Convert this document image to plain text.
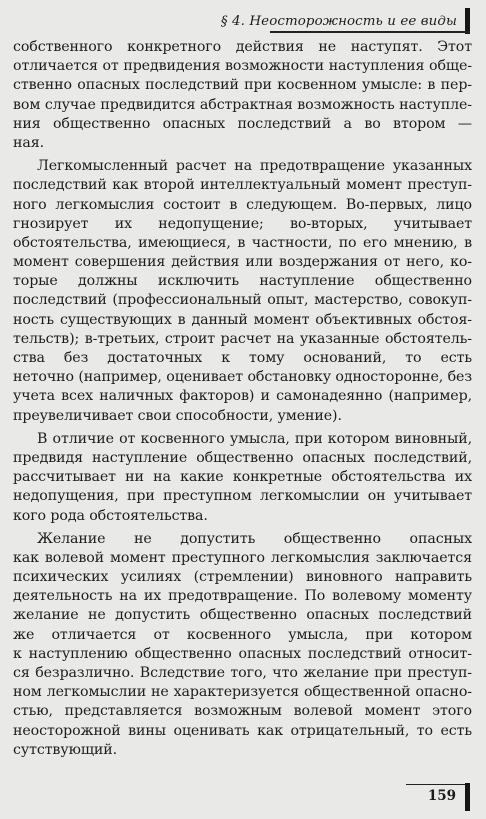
§ 4. Неосторожность и ее виды
собственного конкретного действия не наступят. Этот
отличается от предвидения возможности наступления обще-
ственно опасных последствий при косвенном умысле: в пер-
вом случае предвидится абстрактная возможность наступле-
ния общественно опасных последствий а во втором —
ная.
Легкомысленный расчет на предотвращение указанных
последствий как второй интеллектуальный момент преступ-
ного легкомыслия состоит в следующем. Во-первых, лицо
гнозирует их недопущение; во-вторых, учитывает
обстоятельства, имеющиеся, в частности, по его мнению, в
момент совершения действия или воздержания от него, ко-
торые должны исключить наступление общественно
последствий (профессиональный опыт, мастерство, совокуп-
ность существующих в данный момент объективных обстоя-
тельств); в-третьих, строит расчет на указанные обстоятель-
ства без достаточных к тому оснований, то есть
неточно (например, оценивает обстановку односторонне, без
учета всех наличных факторов) и самонадеянно (например,
преувеличивает свои способности, умение).
В отличие от косвенного умысла, при котором виновный,
предвидя наступление общественно опасных последствий,
рассчитывает ни на какие конкретные обстоятельства их
недопущения, при преступном легкомыслии он учитывает
кого рода обстоятельства.
Желание не допустить общественно опасных
как волевой момент преступного легкомыслия заключается
психических усилиях (стремлении) виновного направить
деятельность на их предотвращение. По волевому моменту
желание не допустить общественно опасных последствий
же отличается от косвенного умысла, при котором
к наступлению общественно опасных последствий относит-
ся безразлично. Вследствие того, что желание при преступ-
ном легкомыслии не характеризуется общественной опасно-
стью, представляется возможным волевой момент этого
неосторожной вины оценивать как отрицательный, то есть
сутствующий.
159
